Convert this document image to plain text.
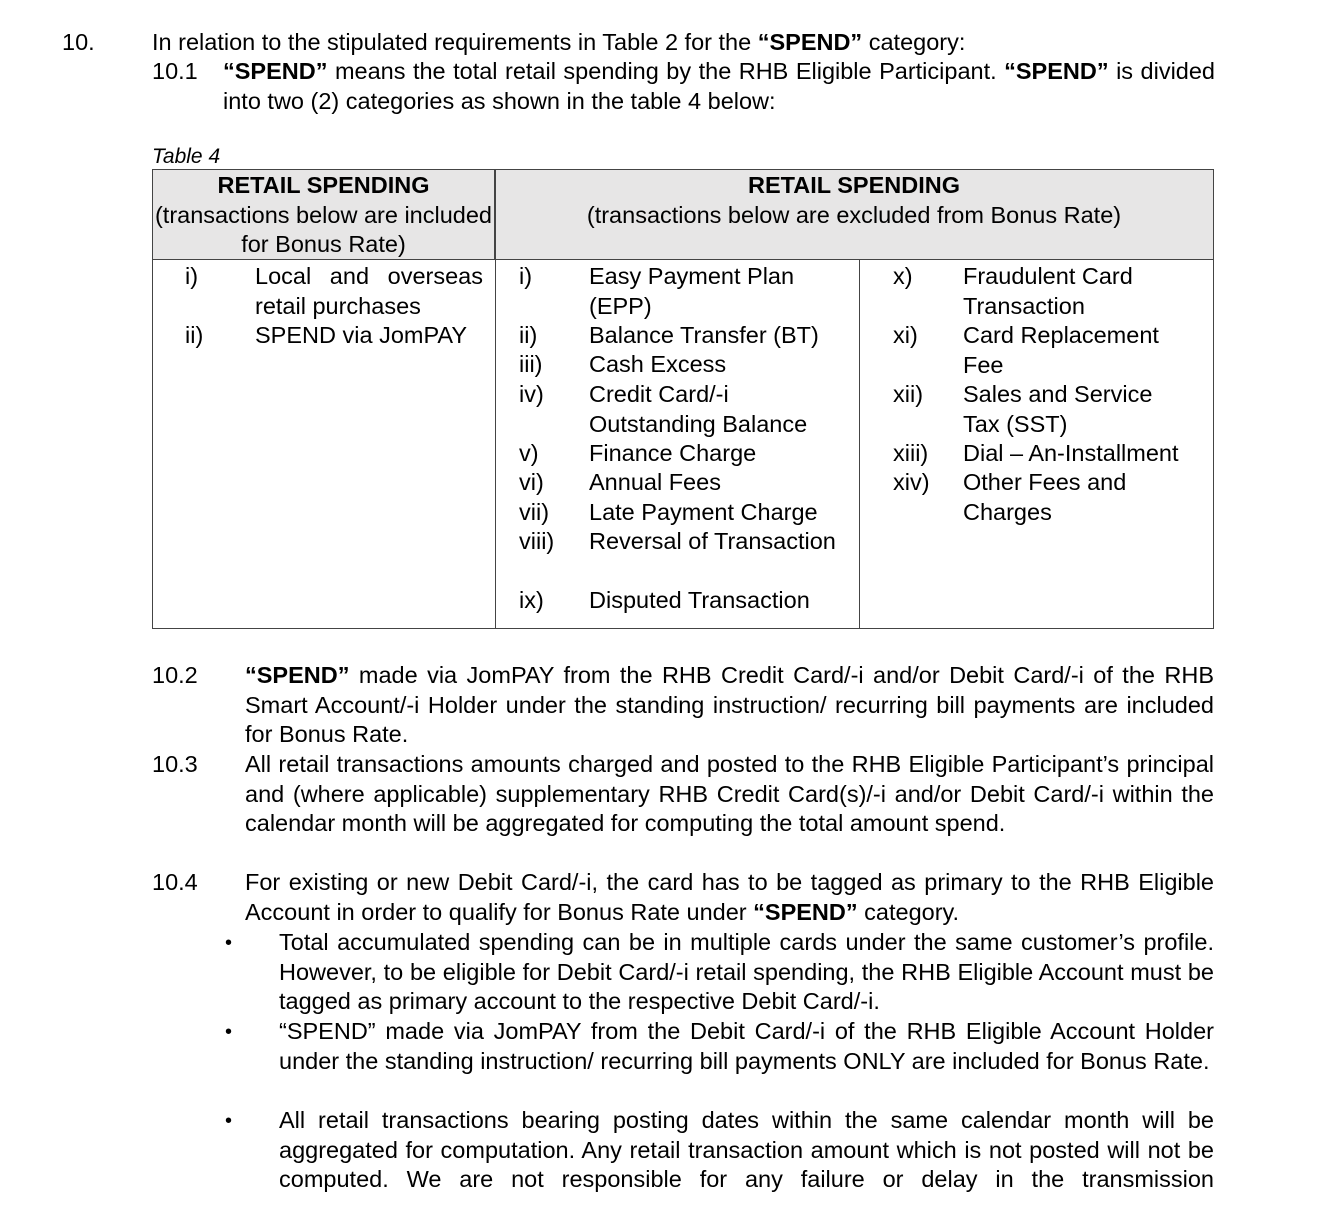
10. In relation to the stipulated requirements in Table 2 for the “SPEND” category:
10.1 “SPEND” means the total retail spending by the RHB Eligible Participant. “SPEND” is divided into two (2) categories as shown in the table 4 below:
Table 4
RETAIL SPENDING
(transactions below are included for Bonus Rate)
RETAIL SPENDING
(transactions below are excluded from Bonus Rate)
i) Local and overseas retail purchases
ii) SPEND via JomPAY
i) Easy Payment Plan (EPP)
ii) Balance Transfer (BT)
iii) Cash Excess
iv) Credit Card/-i Outstanding Balance
v) Finance Charge
vi) Annual Fees
vii) Late Payment Charge
viii) Reversal of Transaction
ix) Disputed Transaction
x) Fraudulent Card Transaction
xi) Card Replacement Fee
xii) Sales and Service Tax (SST)
xiii) Dial – An-Installment
xiv) Other Fees and Charges
10.2 “SPEND” made via JomPAY from the RHB Credit Card/-i and/or Debit Card/-i of the RHB Smart Account/-i Holder under the standing instruction/ recurring bill payments are included for Bonus Rate.
10.3 All retail transactions amounts charged and posted to the RHB Eligible Participant’s principal and (where applicable) supplementary RHB Credit Card(s)/-i and/or Debit Card/-i within the calendar month will be aggregated for computing the total amount spend.
10.4 For existing or new Debit Card/-i, the card has to be tagged as primary to the RHB Eligible Account in order to qualify for Bonus Rate under “SPEND” category.
• Total accumulated spending can be in multiple cards under the same customer’s profile. However, to be eligible for Debit Card/-i retail spending, the RHB Eligible Account must be tagged as primary account to the respective Debit Card/-i.
• “SPEND” made via JomPAY from the Debit Card/-i of the RHB Eligible Account Holder under the standing instruction/ recurring bill payments ONLY are included for Bonus Rate.
• All retail transactions bearing posting dates within the same calendar month will be aggregated for computation. Any retail transaction amount which is not posted will not be computed. We are not responsible for any failure or delay in the transmission
